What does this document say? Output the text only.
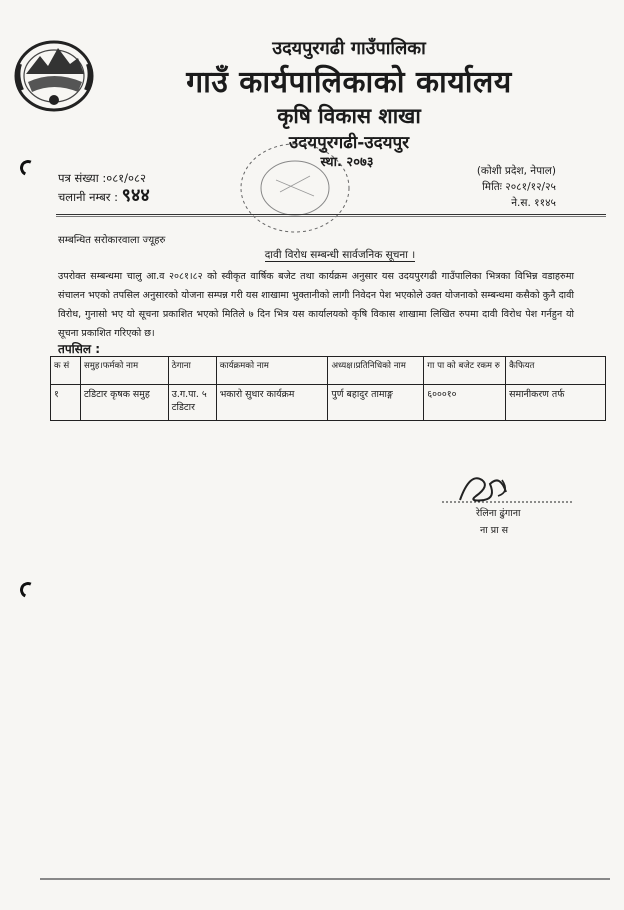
उदयपुरगढी गाउँपालिका
गाउँ कार्यपालिकाको कार्यालय
कृषि विकास शाखा
उदयपुरगढी-उदयपुर
स्था. २०७३
पत्र संख्या :०८१/०८२
चलानी नम्बर : ९४४
(कोशी प्रदेश, नेपाल)
मितिः २०८१/१२/२५
ने.स. ११४५
सम्बन्धित सरोकारवाला ज्यूहरु
दावी विरोध सम्बन्धी सार्वजनिक सूचना ।
उपरोक्त सम्बन्धमा चालु आ.व २०८१।८२ को स्वीकृत वार्षिक बजेट तथा कार्यक्रम अनुसार यस उदयपुरगढी गाउँपालिका भित्रका विभिन्न वडाहरुमा संचालन भएको तपसिल अनुसारको योजना सम्पन्न गरी यस शाखामा भुक्तानीको लागी निवेदन पेश भएकोले उक्त योजनाको सम्बन्धमा कसैको कुनै दावी विरोध, गुनासो भए यो सूचना प्रकाशित भएको मितिले ७ दिन भित्र यस कार्यालयको कृषि विकास शाखामा लिखित रुपमा दावी विरोध पेश गर्नहुन यो सूचना प्रकाशित गरिएको छ।
तपसिल :
क सं	समुह।फर्मको नाम	ठेगाना	कार्यक्रमको नाम	अध्यक्ष।प्रतिनिधिको नाम	गा पा को बजेट रकम रु	कैफियत
१	टडिटार कृषक समुह	उ.ग.पा. ५ टडिटार	भकारो सुधार कार्यक्रम	पुर्ण बहादुर तामाङ्ग	६०००१०	समानीकरण तर्फ
रेलिना ढुंगाना
ना प्रा स
